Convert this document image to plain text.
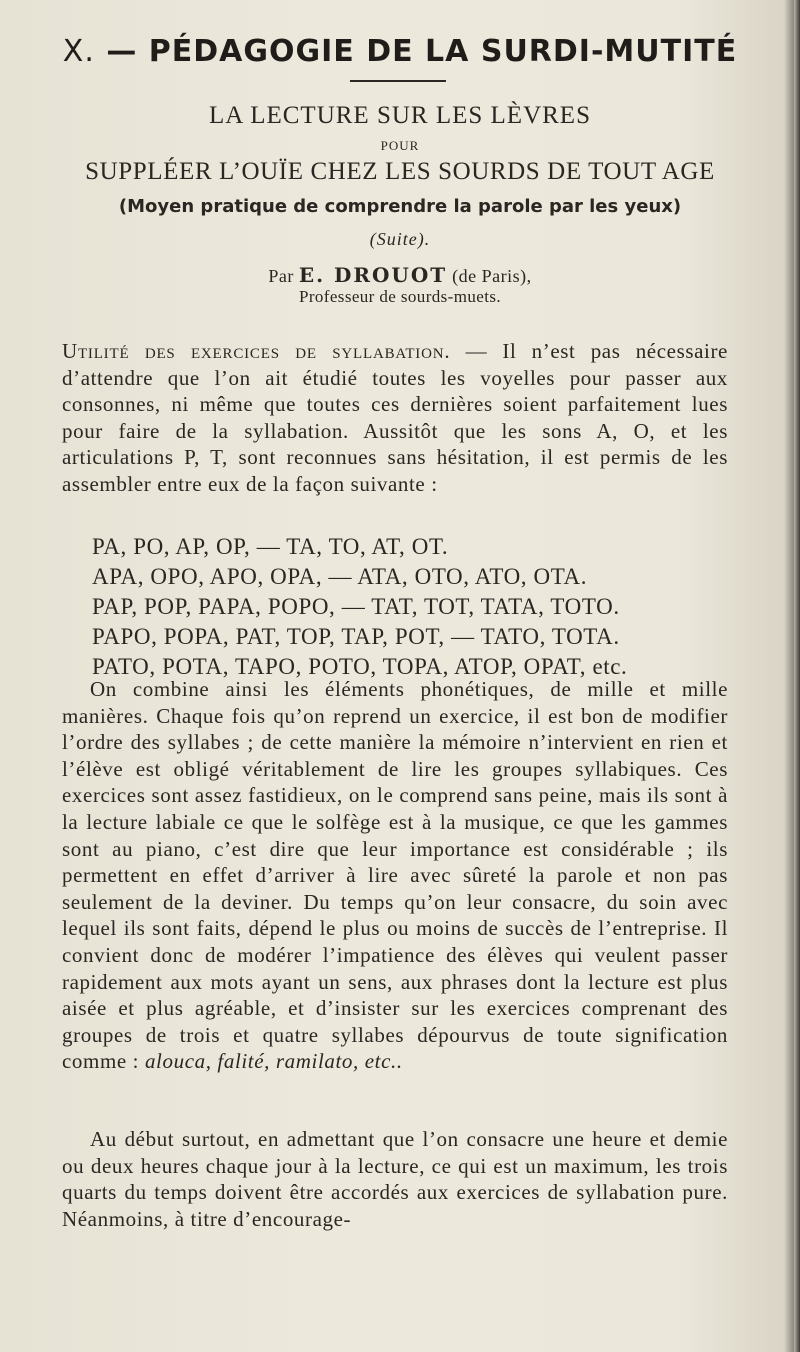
X. — PÉDAGOGIE DE LA SURDI-MUTITÉ
LA LECTURE SUR LES LÈVRES
POUR
SUPPLÉER L’OUÏE CHEZ LES SOURDS DE TOUT AGE
(Moyen pratique de comprendre la parole par les yeux)
(Suite).
Par E. DROUOT (de Paris),
Professeur de sourds-muets.
Utilité des exercices de syllabation. — Il n’est pas nécessaire d’attendre que l’on ait étudié toutes les voyelles pour passer aux consonnes, ni même que toutes ces dernières soient parfaitement lues pour faire de la syllabation. Aussitôt que les sons A, O, et les articulations P, T, sont reconnues sans hésitation, il est permis de les assembler entre eux de la façon suivante :
PA, PO, AP, OP, — TA, TO, AT, OT.
APA, OPO, APO, OPA, — ATA, OTO, ATO, OTA.
PAP, POP, PAPA, POPO, — TAT, TOT, TATA, TOTO.
PAPO, POPA, PAT, TOP, TAP, POT, — TATO, TOTA.
PATO, POTA, TAPO, POTO, TOPA, ATOP, OPAT, etc.
On combine ainsi les éléments phonétiques, de mille et mille manières. Chaque fois qu’on reprend un exercice, il est bon de modifier l’ordre des syllabes ; de cette manière la mémoire n’intervient en rien et l’élève est obligé véritablement de lire les groupes syllabiques. Ces exercices sont assez fastidieux, on le comprend sans peine, mais ils sont à la lecture labiale ce que le solfège est à la musique, ce que les gammes sont au piano, c’est dire que leur importance est considérable ; ils permettent en effet d’arriver à lire avec sûreté la parole et non pas seulement de la deviner. Du temps qu’on leur consacre, du soin avec lequel ils sont faits, dépend le plus ou moins de succès de l’entreprise. Il convient donc de modérer l’impatience des élèves qui veulent passer rapidement aux mots ayant un sens, aux phrases dont la lecture est plus aisée et plus agréable, et d’insister sur les exercices comprenant des groupes de trois et quatre syllabes dépourvus de toute signification comme : alouca, falité, ramilato, etc..
Au début surtout, en admettant que l’on consacre une heure et demie ou deux heures chaque jour à la lecture, ce qui est un maximum, les trois quarts du temps doivent être accordés aux exercices de syllabation pure. Néanmoins, à titre d’encourage-
